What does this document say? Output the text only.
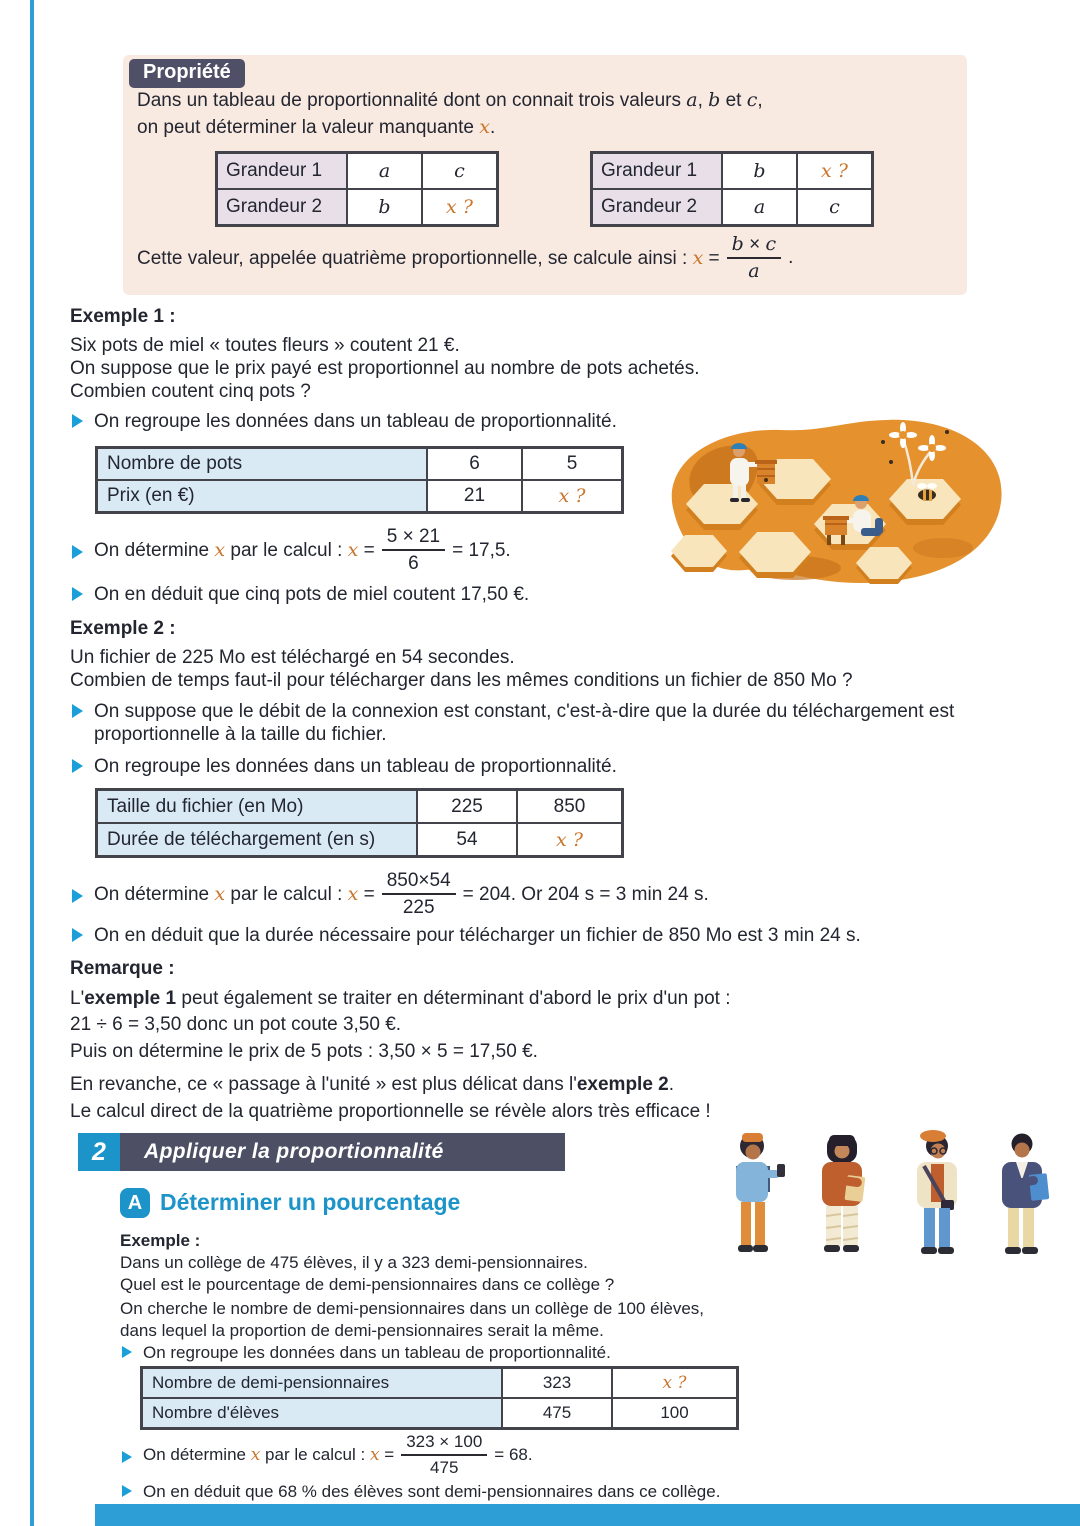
Propriété
Dans un tableau de proportionnalité dont on connait trois valeurs a, b et c,
on peut déterminer la valeur manquante x.
Grandeur 1	a	c
Grandeur 2	b	x ?
Grandeur 1	b	x ?
Grandeur 2	a	c
Cette valeur, appelée quatrième proportionnelle, se calcule ainsi : $x = \frac{b \times c}{a}$ .
Exemple 1 :
Six pots de miel « toutes fleurs » coutent 21 €.
On suppose que le prix payé est proportionnel au nombre de pots achetés.
Combien coutent cinq pots ?
On regroupe les données dans un tableau de proportionnalité.
Nombre de pots	6	5
Prix (en €)	21	x ?
On détermine x par le calcul : $x = \frac{5 \times 21}{6} = 17,5$.
On en déduit que cinq pots de miel coutent 17,50 €.
Exemple 2 :
Un fichier de 225 Mo est téléchargé en 54 secondes.
Combien de temps faut-il pour télécharger dans les mêmes conditions un fichier de 850 Mo ?
On suppose que le débit de la connexion est constant, c'est-à-dire que la durée du téléchargement est proportionnelle à la taille du fichier.
On regroupe les données dans un tableau de proportionnalité.
Taille du fichier (en Mo)	225	850
Durée de téléchargement (en s)	54	x ?
On détermine x par le calcul : $x = \frac{850\times 54}{225} = 204$. Or 204 s = 3 min 24 s.
On en déduit que la durée nécessaire pour télécharger un fichier de 850 Mo est 3 min 24 s.
Remarque :
L'exemple 1 peut également se traiter en déterminant d'abord le prix d'un pot :
21 ÷ 6 = 3,50 donc un pot coute 3,50 €.
Puis on détermine le prix de 5 pots : 3,50 × 5 = 17,50 €.
En revanche, ce « passage à l'unité » est plus délicat dans l'exemple 2.
Le calcul direct de la quatrième proportionnelle se révèle alors très efficace !
2	Appliquer la proportionnalité
A Déterminer un pourcentage
Exemple :
Dans un collège de 475 élèves, il y a 323 demi-pensionnaires.
Quel est le pourcentage de demi-pensionnaires dans ce collège ?
On cherche le nombre de demi-pensionnaires dans un collège de 100 élèves,
dans lequel la proportion de demi-pensionnaires serait la même.
On regroupe les données dans un tableau de proportionnalité.
Nombre de demi-pensionnaires	323	x ?
Nombre d'élèves	475	100
On détermine x par le calcul : $x = \frac{323 \times 100}{475} = 68$.
On en déduit que 68 % des élèves sont demi-pensionnaires dans ce collège.
